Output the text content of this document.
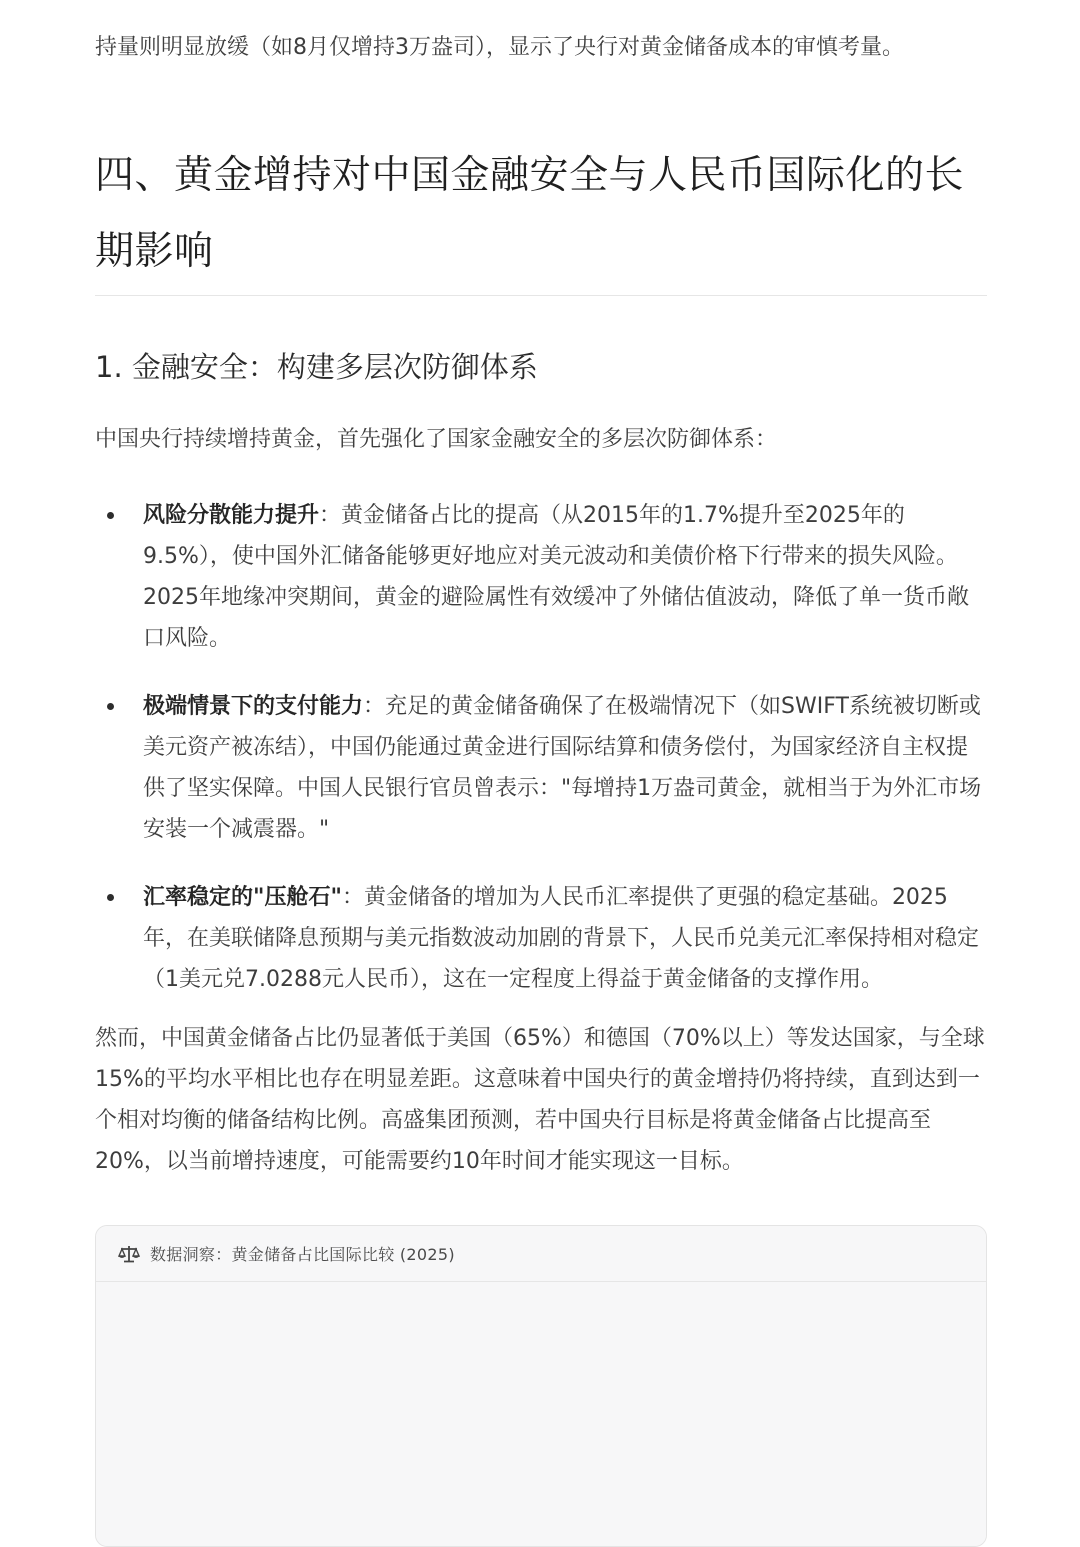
持量则明显放缓（如8月仅增持3万盎司），显示了央行对黄金储备成本的审慎考量。
四、黄金增持对中国金融安全与人民币国际化的长期影响
1. 金融安全：构建多层次防御体系

中国央行持续增持黄金，首先强化了国家金融安全的多层次防御体系：

风险分散能力提升：黄金储备占比的提高（从2015年的1.7%提升至2025年的9.5%），使中国外汇储备能够更好地应对美元波动和美债价格下行带来的损失风险。2025年地缘冲突期间，黄金的避险属性有效缓冲了外储估值波动，降低了单一货币敞口风险。
极端情景下的支付能力：充足的黄金储备确保了在极端情况下（如SWIFT系统被切断或美元资产被冻结），中国仍能通过黄金进行国际结算和债务偿付，为国家经济自主权提供了坚实保障。中国人民银行官员曾表示："每增持1万盎司黄金，就相当于为外汇市场安装一个减震器。"
汇率稳定的"压舱石"：黄金储备的增加为人民币汇率提供了更强的稳定基础。2025年，在美联储降息预期与美元指数波动加剧的背景下，人民币兑美元汇率保持相对稳定（1美元兑7.0288元人民币），这在一定程度上得益于黄金储备的支撑作用。

然而，中国黄金储备占比仍显著低于美国（65%）和德国（70%以上）等发达国家，与全球15%的平均水平相比也存在明显差距。这意味着中国央行的黄金增持仍将持续，直到达到一个相对均衡的储备结构比例。高盛集团预测，若中国央行目标是将黄金储备占比提高至20%，以当前增持速度，可能需要约10年时间才能实现这一目标。

数据洞察：黄金储备占比国际比较 (2025)
